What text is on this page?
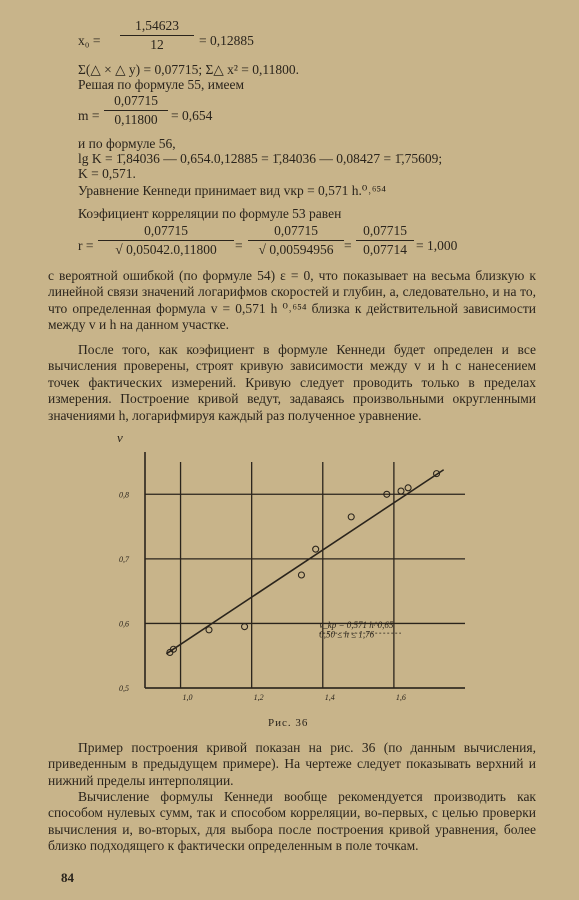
$x_0 = \frac{1,54623}{12} = 0,12885$
Σ(△ × △ y) = 0,07715; Σ△ x² = 0,11800.
Решая по формуле 55, имеем
$m = \frac{0,07715}{0,11800} = 0,654$
и по формуле 56,
lg K = 1̄,84036 — 0,654.0,12885 = 1̄,84036 — 0,08427 = 1̄,75609;
K = 0,571.
Уравнение Кенneди принимает вид vкр = 0,571 h.⁰˒⁶⁵⁴
Коэфициент корреляции по формуле 53 равен
$r = \frac{0,07715}{√ 0,05042.0,11800} = \frac{0,07715}{√ 0,00594956} = \frac{0,07715}{0,07714} = 1,000$
с вероятной ошибкой (по формуле 54) ε = 0, что показывает на весьма близкую к линейной связи значений логарифмов скоростей и глубин, а, следовательно, и на то, что определенная формула v = 0,571 h ⁰˒⁶⁵⁴ близка к действительной зависимости между v и h на данном участке.
После того, как коэфициент в формуле Кеннеди будет определен и все вычисления проверены, строят кривую зависимости между v и h с нанесением точек фактических измерений. Кривую следует проводить только в пределах измерения. Построение кривой ведут, задаваясь произвольными округленными значениями h, логарифмируя каждый раз полученное уравнение.
1,0	1,2	1,4	1,6
0,5
0,6
0,7
0,8
v
v_kp = 0,571 h^0,65
0,50 ≤ h ≤ 1,76
Рис. 36
Пример построения кривой показан на рис. 36 (по данным вычисления, приведенным в предыдущем примере). На чертеже следует показывать верхний и нижний пределы интерполяции.
Вычисление формулы Кеннеди вообще рекомендуется производить как способом нулевых сумм, так и способом корреляции, во-первых, с целью проверки вычисления и, во-вторых, для выбора после построения кривой уравнения, более близко подходящего к фактически определенным в поле точкам.
84
